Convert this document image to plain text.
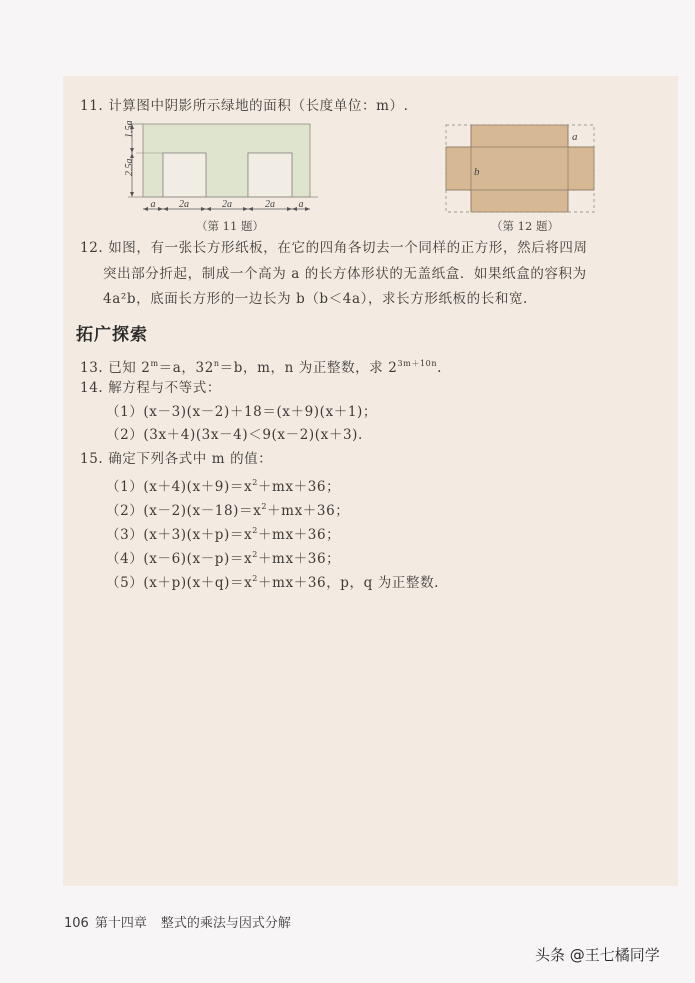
11. 计算图中阴影所示绿地的面积（长度单位：m）.
1.5a
2.5a
a 2a	2a	2a a
（第 11 题）
a
b
（第 12 题）
12. 如图，有一张长方形纸板，在它的四角各切去一个同样的正方形，然后将四周
突出部分折起，制成一个高为 a 的长方体形状的无盖纸盒．如果纸盒的容积为
4a²b，底面长方形的一边长为 b（b＜4a），求长方形纸板的长和宽.
拓广探索
13. 已知 $2^m=a$，$32^n=b$，m，n 为正整数，求 $2^{3m+10n}$.
14. 解方程与不等式：
（1）(x－3)(x－2)＋18＝(x＋9)(x＋1)；
（2）(3x＋4)(3x－4)＜9(x－2)(x＋3).
15. 确定下列各式中 m 的值：
$(1)(x+4)(x+9)=x^2+mx+36$；
$(2)(x-2)(x-18)=x^2+mx+36$；
$(3)(x+3)(x+p)=x^2+mx+36$；
$(4)(x-6)(x-p)=x^2+mx+36$；
$(5)(x+p)(x+q)=x^2+mx+36$，p，q 为正整数.
106 第十四章 整式的乘法与因式分解
头条 @王七橘同学
